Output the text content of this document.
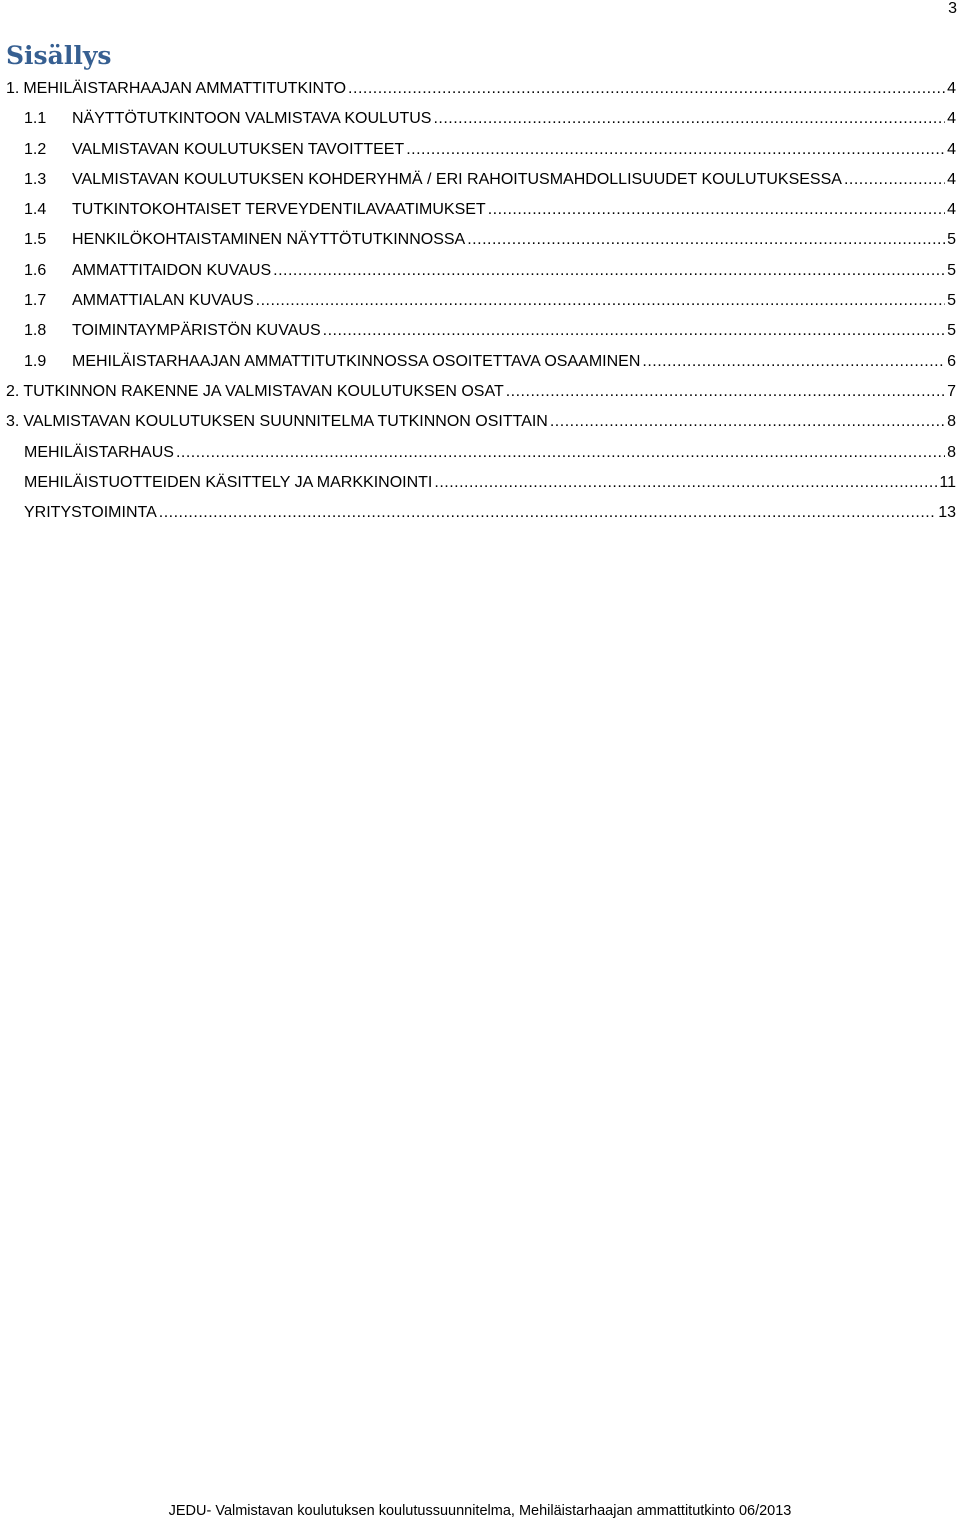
3
Sisällys
1. MEHILÄISTARHAAJAN AMMATTITUTKINTO .....	4
1.1	NÄYTTÖTUTKINTOON VALMISTAVA KOULUTUS .....	4
1.2	VALMISTAVAN KOULUTUKSEN TAVOITTEET .....	4
1.3	VALMISTAVAN KOULUTUKSEN KOHDERYHMÄ / ERI RAHOITUSMAHDOLLISUUDET KOULUTUKSESSA .....	4
1.4	TUTKINTOKOHTAISET TERVEYDENTILAVAATIMUKSET .....	4
1.5	HENKILÖKOHTAISTAMINEN NÄYTTÖTUTKINNOSSA .....	5
1.6	AMMATTITAIDON KUVAUS .....	5
1.7	AMMATTIALAN KUVAUS .....	5
1.8	TOIMINTAYMPÄRISTÖN KUVAUS .....	5
1.9	MEHILÄISTARHAAJAN AMMATTITUTKINNOSSA OSOITETTAVA OSAAMINEN .....	6
2. TUTKINNON RAKENNE JA VALMISTAVAN KOULUTUKSEN OSAT .....	7
3. VALMISTAVAN KOULUTUKSEN SUUNNITELMA TUTKINNON OSITTAIN .....	8
MEHILÄISTARHAUS .....	8
MEHILÄISTUOTTEIDEN KÄSITTELY JA MARKKINOINTI .....	11
YRITYSTOIMINTA .....	13
JEDU- Valmistavan koulutuksen koulutussuunnitelma, Mehiläistarhaajan ammattitutkinto 06/2013
